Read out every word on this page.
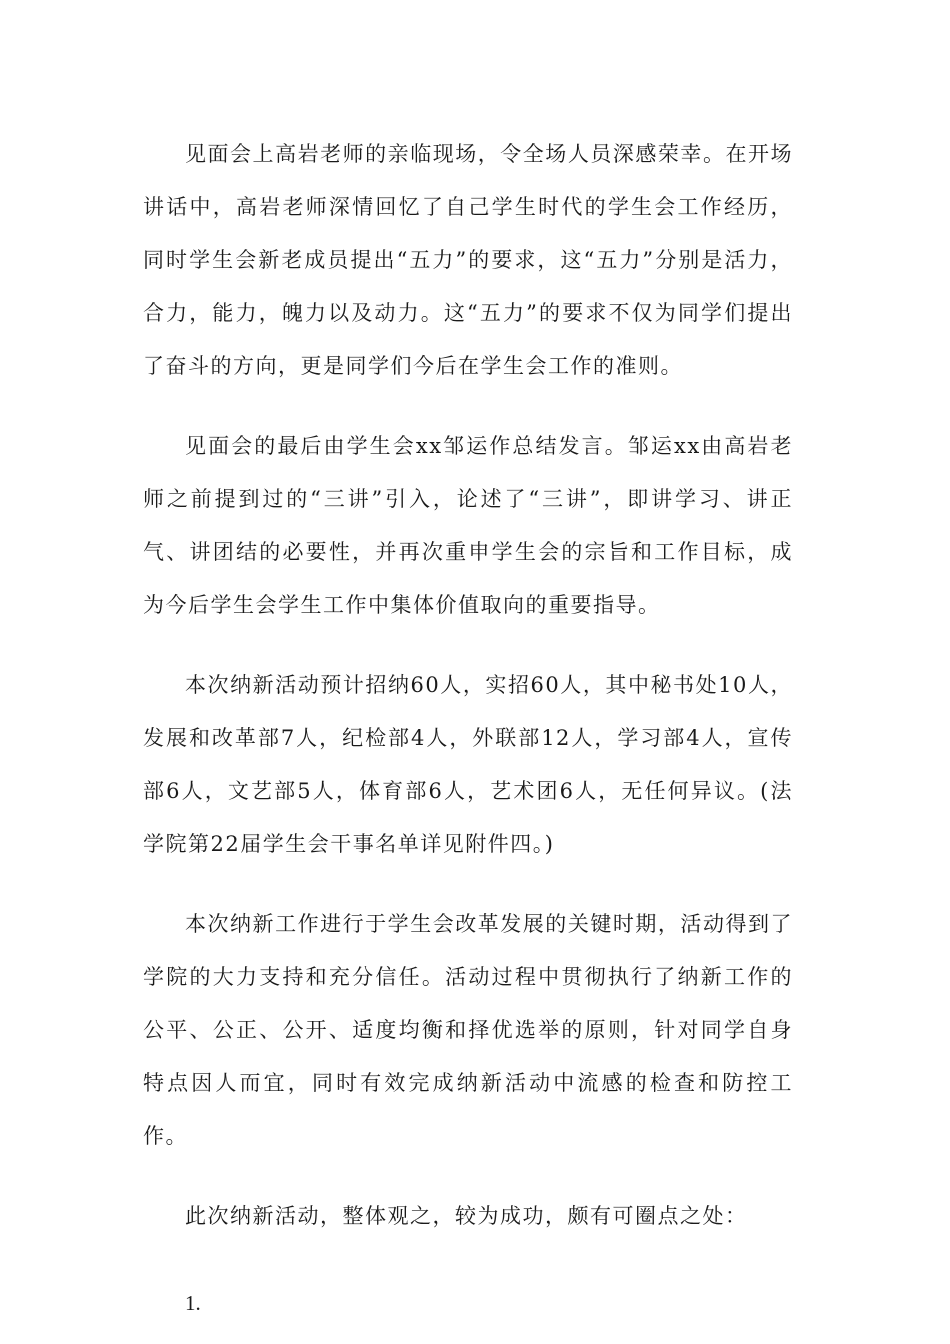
见面会上高岩老师的亲临现场，令全场人员深感荣幸。在开场讲话中，高岩老师深情回忆了自己学生时代的学生会工作经历，同时学生会新老成员提出“五力”的要求，这“五力”分别是活力，合力，能力，魄力以及动力。这“五力”的要求不仅为同学们提出了奋斗的方向，更是同学们今后在学生会工作的准则。

见面会的最后由学生会xx邹运作总结发言。邹运xx由高岩老师之前提到过的“三讲”引入，论述了“三讲”，即讲学习、讲正气、讲团结的必要性，并再次重申学生会的宗旨和工作目标，成为今后学生会学生工作中集体价值取向的重要指导。

本次纳新活动预计招纳60人，实招60人，其中秘书处10人，发展和改革部7人，纪检部4人，外联部12人，学习部4人，宣传部6人，文艺部5人，体育部6人，艺术团6人，无任何异议。(法学院第22届学生会干事名单详见附件四。)

本次纳新工作进行于学生会改革发展的关键时期，活动得到了学院的大力支持和充分信任。活动过程中贯彻执行了纳新工作的公平、公正、公开、适度均衡和择优选举的原则，针对同学自身特点因人而宜，同时有效完成纳新活动中流感的检查和防控工作。

此次纳新活动，整体观之，较为成功，颇有可圈点之处：

1.
